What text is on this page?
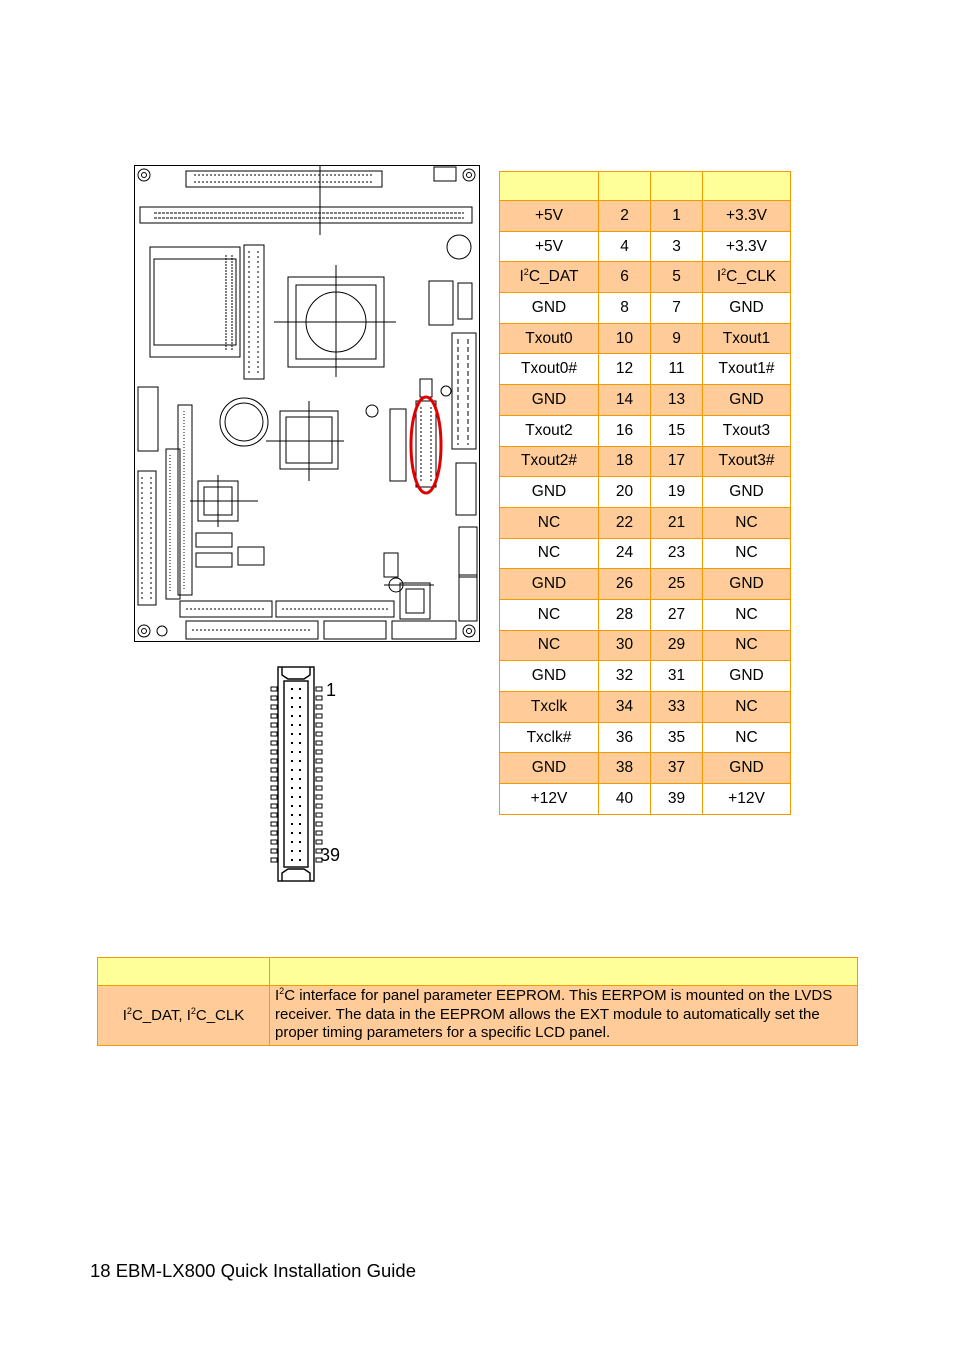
1
39

+5V	2	1	+3.3V
+5V	4	3	+3.3V
$I^2C\_DAT$	6	5	$I^2C\_CLK$
GND	8	7	GND
Txout0	10	9	Txout1
Txout0#	12	11	Txout1#
GND	14	13	GND
Txout2	16	15	Txout3
Txout2#	18	17	Txout3#
GND	20	19	GND
NC	22	21	NC
NC	24	23	NC
GND	26	25	GND
NC	28	27	NC
NC	30	29	NC
GND	32	31	GND
Txclk	34	33	NC
Txclk#	36	35	NC
GND	38	37	GND
+12V	40	39	+12V

$I^2C\_DAT$, $I^2C\_CLK$	$I^2C$ interface for panel parameter EEPROM. This EERPOM is mounted on the LVDS receiver. The data in the EEPROM allows the EXT module to automatically set the proper timing parameters for a specific LCD panel.
18 EBM-LX800 Quick Installation Guide
